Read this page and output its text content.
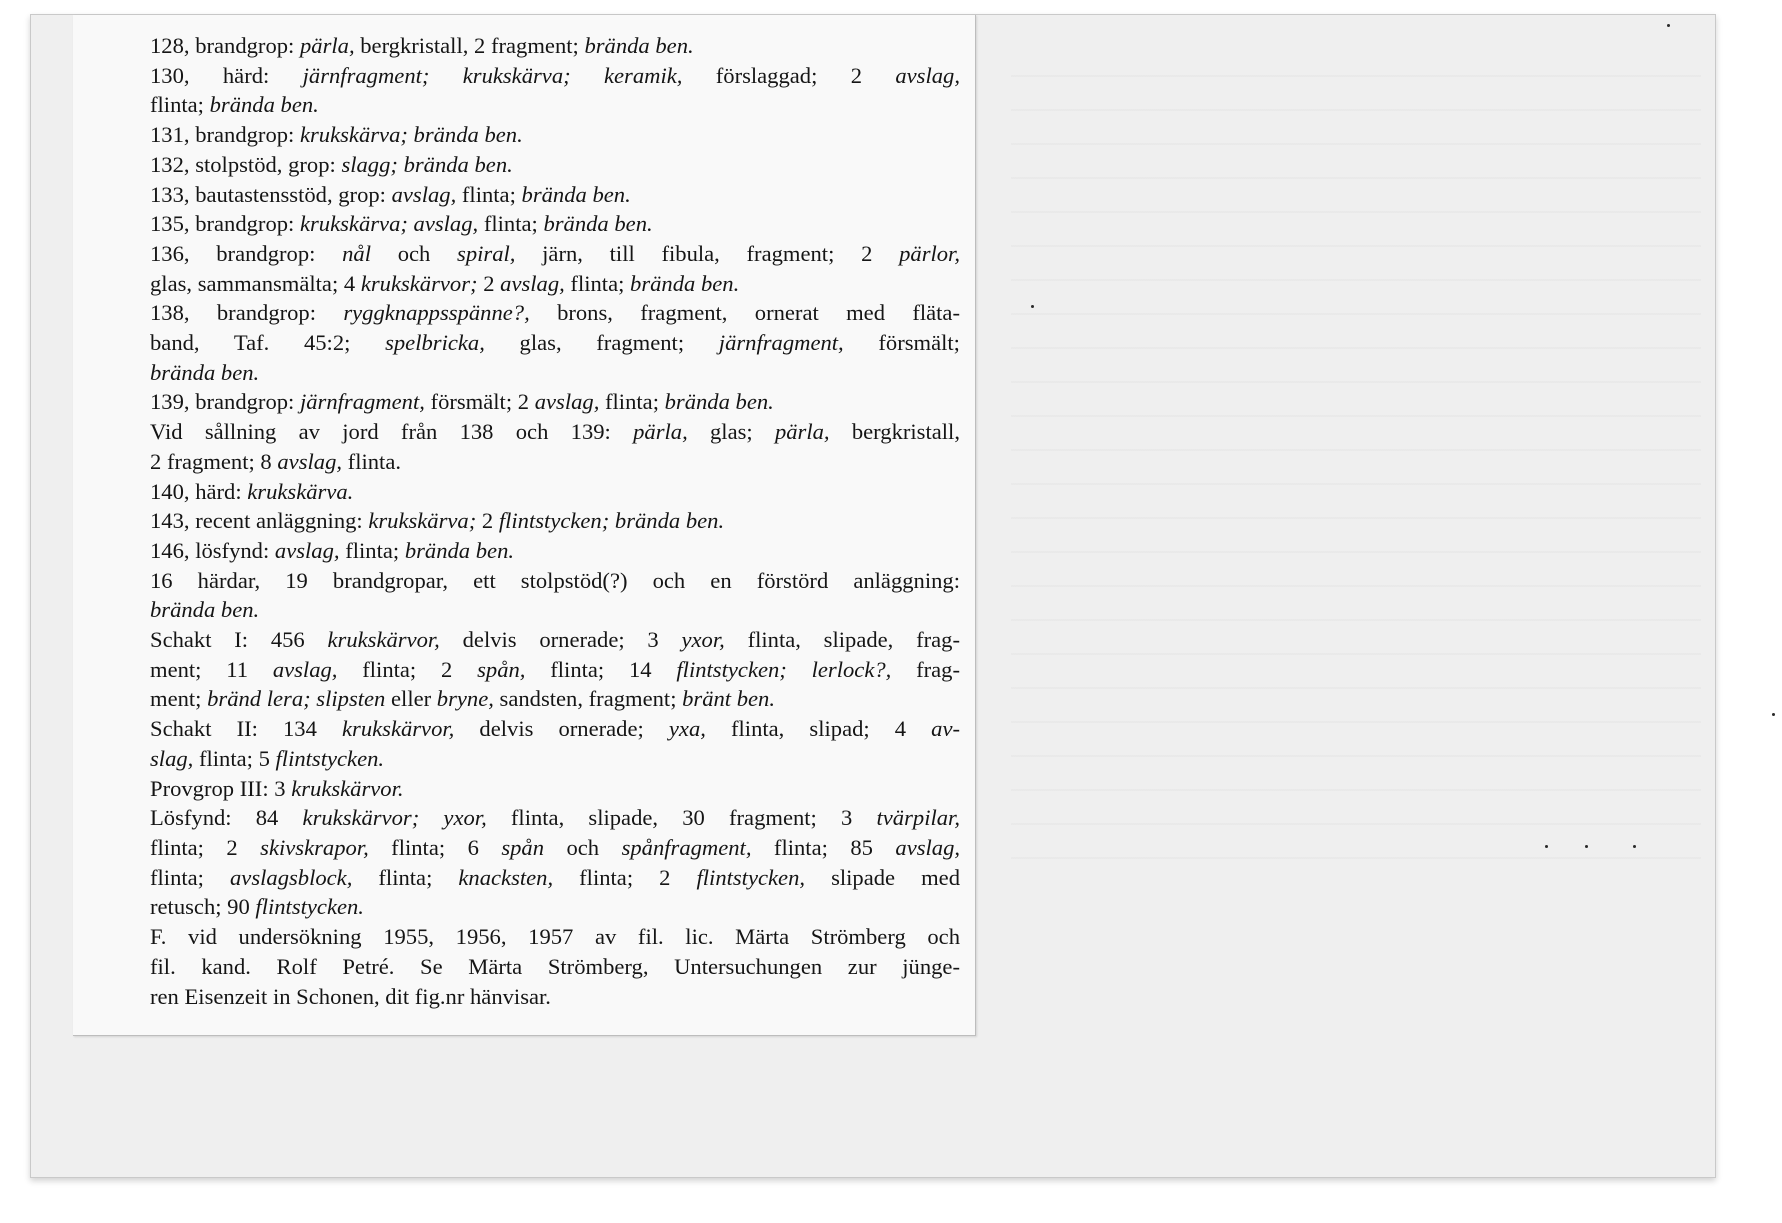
128, brandgrop: pärla, bergkristall, 2 fragment; brända ben.
130, härd: järnfragment; krukskärva; keramik, förslaggad; 2 avslag,
flinta; brända ben.
131, brandgrop: krukskärva; brända ben.
132, stolpstöd, grop: slagg; brända ben.
133, bautastensstöd, grop: avslag, flinta; brända ben.
135, brandgrop: krukskärva; avslag, flinta; brända ben.
136, brandgrop: nål och spiral, järn, till fibula, fragment; 2 pärlor,
glas, sammansmälta; 4 krukskärvor; 2 avslag, flinta; brända ben.
138, brandgrop: ryggknappsspänne?, brons, fragment, ornerat med fläta-
band, Taf. 45:2; spelbricka, glas, fragment; järnfragment, försmält;
brända ben.
139, brandgrop: järnfragment, försmält; 2 avslag, flinta; brända ben.
Vid sållning av jord från 138 och 139: pärla, glas; pärla, bergkristall,
2 fragment; 8 avslag, flinta.
140, härd: krukskärva.
143, recent anläggning: krukskärva; 2 flintstycken; brända ben.
146, lösfynd: avslag, flinta; brända ben.
16 härdar, 19 brandgropar, ett stolpstöd(?) och en förstörd anläggning:
brända ben.
Schakt I: 456 krukskärvor, delvis ornerade; 3 yxor, flinta, slipade, frag-
ment; 11 avslag, flinta; 2 spån, flinta; 14 flintstycken; lerlock?, frag-
ment; bränd lera; slipsten eller bryne, sandsten, fragment; bränt ben.
Schakt II: 134 krukskärvor, delvis ornerade; yxa, flinta, slipad; 4 av-
slag, flinta; 5 flintstycken.
Provgrop III: 3 krukskärvor.
Lösfynd: 84 krukskärvor; yxor, flinta, slipade, 30 fragment; 3 tvärpilar,
flinta; 2 skivskrapor, flinta; 6 spån och spånfragment, flinta; 85 avslag,
flinta; avslagsblock, flinta; knacksten, flinta; 2 flintstycken, slipade med
retusch; 90 flintstycken.
F. vid undersökning 1955, 1956, 1957 av fil. lic. Märta Strömberg och
fil. kand. Rolf Petré. Se Märta Strömberg, Untersuchungen zur jünge-
ren Eisenzeit in Schonen, dit fig.nr hänvisar.
